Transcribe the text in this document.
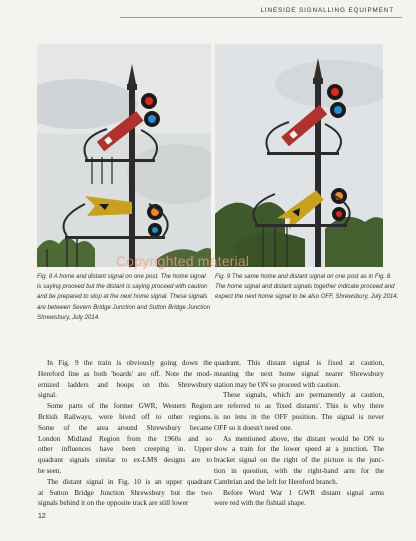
LINESIDE SIGNALLING EQUIPMENT
Copyrighted material
Fig. 8 A home and distant signal on one post. The home signal
is saying proceed but the distant is saying proceed with caution
and be prepared to stop at the next home signal. These signals
are between Severn Bridge Junction and Sutton Bridge Junction
Shrewsbury, July 2014.
Fig. 9 The same home and distant signal on one post as in Fig. 8.
The home signal and distant signals together indicate proceed and
expect the next home signal to be also OFF, Shrewsbury, July 2014.
In Fig. 9 the train is obviously going down the
Hereford line as both 'boards' are off. Note the mod-
ernized ladders and hoops on this Shrewsbury
signal.
Some parts of the former GWR, Western Region
British Railways, were hived off to other regions.
Some of the area around Shrewsbury became
London Midland Region from the 1960s and so
other influences have been creeping in. Upper
quadrant signals similar to ex-LMS designs are to
be seen.
The distant signal in Fig. 10 is an upper quadrant
at Sutton Bridge Junction Shrewsbury but the two
signals behind it on the opposite track are still lower
quadrant. This distant signal is fixed at caution,
meaning the next home signal nearer Shrewsbury
station may be ON so proceed with caution.
These signals, which are permanently at caution,
are referred to as 'fixed distants'. This is why there
is no lens in the OFF position. The signal is never
OFF so it doesn't need one.
As mentioned above, the distant would be ON to
slow a train for the lower speed at a junction. The
bracket signal on the right of the picture is the junc-
tion in question, with the right-hand arm for the
Cambrian and the left for Hereford branch.
Before Word War 1 GWR distant signal arms
were red with the fishtail shape.
12
